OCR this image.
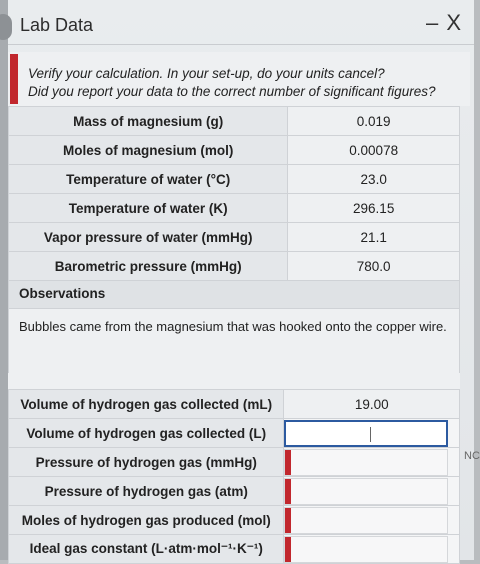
Lab Data	– X

Verify your calculation. In your set-up, do your units cancel?

Did you report your data to the correct number of significant figures?

Mass of magnesium (g)	0.019
Moles of magnesium (mol)	0.00078
Temperature of water (°C)	23.0
Temperature of water (K)	296.15
Vapor pressure of water (mmHg)	21.1
Barometric pressure (mmHg)	780.0
Observations
Bubbles came from the magnesium that was hooked onto the copper wire.
Volume of hydrogen gas collected (mL)	19.00
Volume of hydrogen gas collected (L)	

Pressure of hydrogen gas (mmHg)	

Pressure of hydrogen gas (atm)	

Moles of hydrogen gas produced (mol)	

Ideal gas constant (L·atm·mol⁻¹·K⁻¹)	
NC
